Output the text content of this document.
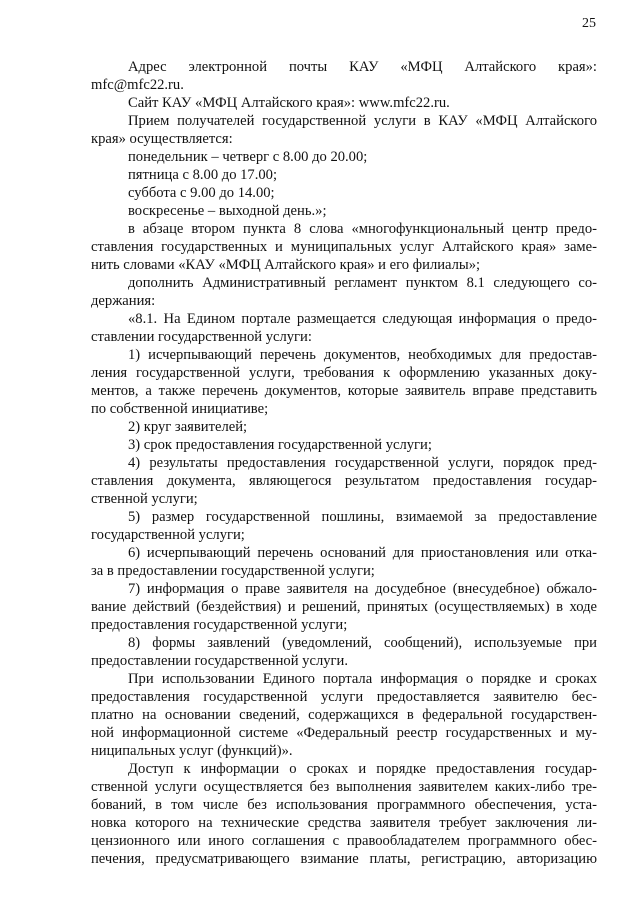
25
Адрес электронной почты КАУ «МФЦ Алтайского края»:
mfc@mfc22.ru.
Сайт КАУ «МФЦ Алтайского края»: www.mfc22.ru.
Прием получателей государственной услуги в КАУ «МФЦ Алтайского
края» осуществляется:
понедельник – четверг с 8.00 до 20.00;
пятница с 8.00 до 17.00;
суббота с 9.00 до 14.00;
воскресенье – выходной день.»;
в абзаце втором пункта 8 слова «многофункциональный центр предо-
ставления государственных и муниципальных услуг Алтайского края» заме-
нить словами «КАУ «МФЦ Алтайского края» и его филиалы»;
дополнить Административный регламент пунктом 8.1 следующего со-
держания:
«8.1. На Едином портале размещается следующая информация о предо-
ставлении государственной услуги:
1) исчерпывающий перечень документов, необходимых для предостав-
ления государственной услуги, требования к оформлению указанных доку-
ментов, а также перечень документов, которые заявитель вправе представить
по собственной инициативе;
2) круг заявителей;
3) срок предоставления государственной услуги;
4) результаты предоставления государственной услуги, порядок пред-
ставления документа, являющегося результатом предоставления государ-
ственной услуги;
5) размер государственной пошлины, взимаемой за предоставление
государственной услуги;
6) исчерпывающий перечень оснований для приостановления или отка-
за в предоставлении государственной услуги;
7) информация о праве заявителя на досудебное (внесудебное) обжало-
вание действий (бездействия) и решений, принятых (осуществляемых) в ходе
предоставления государственной услуги;
8) формы заявлений (уведомлений, сообщений), используемые при
предоставлении государственной услуги.
При использовании Единого портала информация о порядке и сроках
предоставления государственной услуги предоставляется заявителю бес-
платно на основании сведений, содержащихся в федеральной государствен-
ной информационной системе «Федеральный реестр государственных и му-
ниципальных услуг (функций)».
Доступ к информации о сроках и порядке предоставления государ-
ственной услуги осуществляется без выполнения заявителем каких-либо тре-
бований, в том числе без использования программного обеспечения, уста-
новка которого на технические средства заявителя требует заключения ли-
цензионного или иного соглашения с правообладателем программного обес-
печения, предусматривающего взимание платы, регистрацию, авторизацию
